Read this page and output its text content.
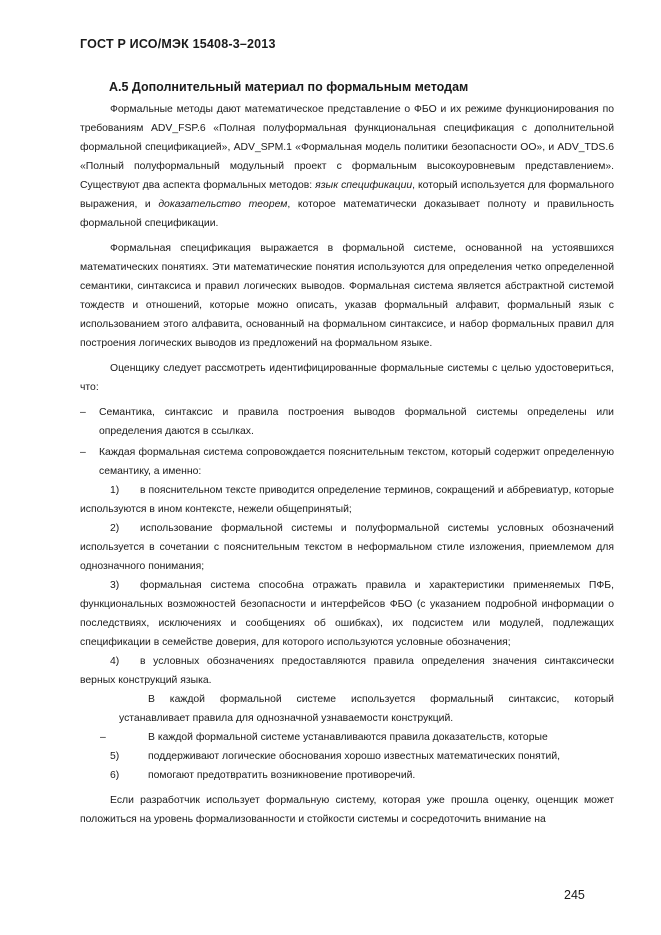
ГОСТ Р ИСО/МЭК 15408-3–2013
А.5 Дополнительный материал по формальным методам

Формальные методы дают математическое представление о ФБО и их режиме функционирования по требованиям ADV_FSP.6 «Полная полуформальная функциональная спецификация с дополнительной формальной спецификацией», ADV_SPM.1 «Формальная модель политики безопасности ОО», и ADV_TDS.6 «Полный полуформальный модульный проект с формальным высокоуровневым представлением». Существуют два аспекта формальных методов: язык спецификации, который используется для формального выражения, и доказательство теорем, которое математически доказывает полноту и правильность формальной спецификации.

Формальная спецификация выражается в формальной системе, основанной на устоявшихся математических понятиях. Эти математические понятия используются для определения четко определенной семантики, синтаксиса и правил логических выводов. Формальная система является абстрактной системой тождеств и отношений, которые можно описать, указав формальный алфавит, формальный язык с использованием этого алфавита, основанный на формальном синтаксисе, и набор формальных правил для построения логических выводов из предложений на формальном языке.

Оценщику следует рассмотреть идентифицированные формальные системы с целью удостовериться, что:

– Семантика, синтаксис и правила построения выводов формальной системы определены или определения даются в ссылках.
– Каждая формальная система сопровождается пояснительным текстом, который содержит определенную семантику, а именно:

1) в пояснительном тексте приводится определение терминов, сокращений и аббревиатур, которые используются в ином контексте, нежели общепринятый;

2) использование формальной системы и полуформальной системы условных обозначений используется в сочетании с пояснительным текстом в неформальном стиле изложения, приемлемом для однозначного понимания;

3) формальная система способна отражать правила и характеристики применяемых ПФБ, функциональных возможностей безопасности и интерфейсов ФБО (с указанием подробной информации о последствиях, исключениях и сообщениях об ошибках), их подсистем или модулей, подлежащих спецификации в семействе доверия, для которого используются условные обозначения;

4) в условных обозначениях предоставляются правила определения значения синтаксически верных конструкций языка.

В каждой формальной системе используется формальный синтаксис, который

устанавливает правила для однозначной узнаваемости конструкций.

–	В каждой формальной системе устанавливаются правила доказательств, которые

5)	поддерживают логические обоснования хорошо известных математических понятий,

6)	помогают предотвратить возникновение противоречий.

Если разработчик использует формальную систему, которая уже прошла оценку, оценщик может положиться на уровень формализованности и стойкости системы и сосредоточить внимание на

245
